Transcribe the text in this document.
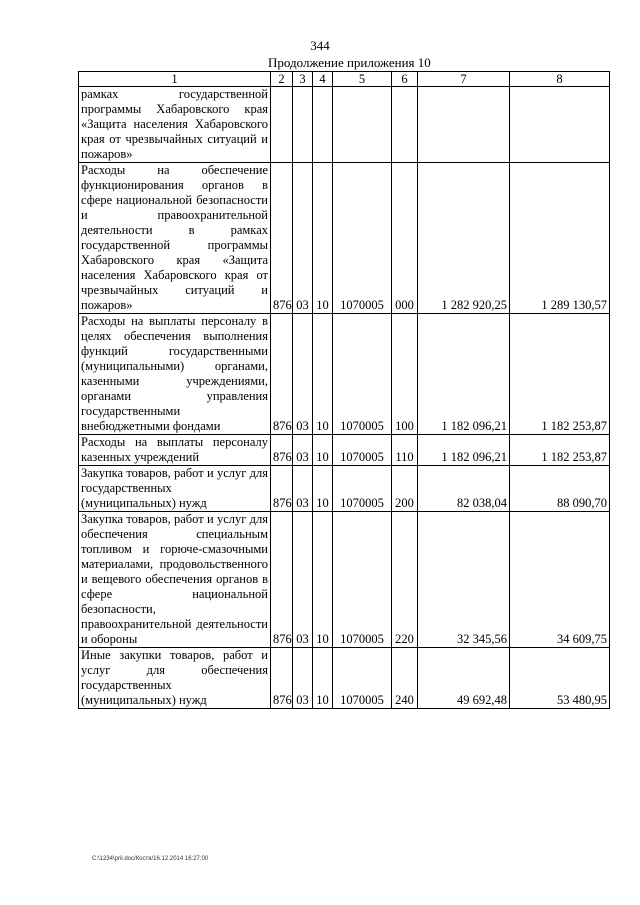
344
Продолжение приложения 10
1	2	3	4	5	6	7	8
рамках государственной программы Хабаровского края «Защита населения Хабаровского края от чрезвычайных ситуаций и пожаров»							
Расходы на обеспечение функционирования органов в сфере национальной безопасности и правоохранительной деятельности в рамках государственной программы Хабаровского края «Защита населения Хабаровского края от чрезвычайных ситуаций и пожаров»	876	03	10	1070005	000	1 282 920,25	1 289 130,57
Расходы на выплаты персоналу в целях обеспечения выполнения функций государственными (муниципальными) органами, казенными учреждениями, органами управления государственными внебюджетными фондами	876	03	10	1070005	100	1 182 096,21	1 182 253,87
Расходы на выплаты персоналу казенных учреждений	876	03	10	1070005	110	1 182 096,21	1 182 253,87
Закупка товаров, работ и услуг для государственных (муниципальных) нужд	876	03	10	1070005	200	82 038,04	88 090,70
Закупка товаров, работ и услуг для обеспечения специальным топливом и горюче-смазочными материалами, продовольственного и вещевого обеспечения органов в сфере национальной безопасности, правоохранительной деятельности и обороны	876	03	10	1070005	220	32 345,56	34 609,75
Иные закупки товаров, работ и услуг для обеспечения государственных (муниципальных) нужд	876	03	10	1070005	240	49 692,48	53 480,95
C:\1234\pril.doc/Костя/16.12.2014 16:27:00
